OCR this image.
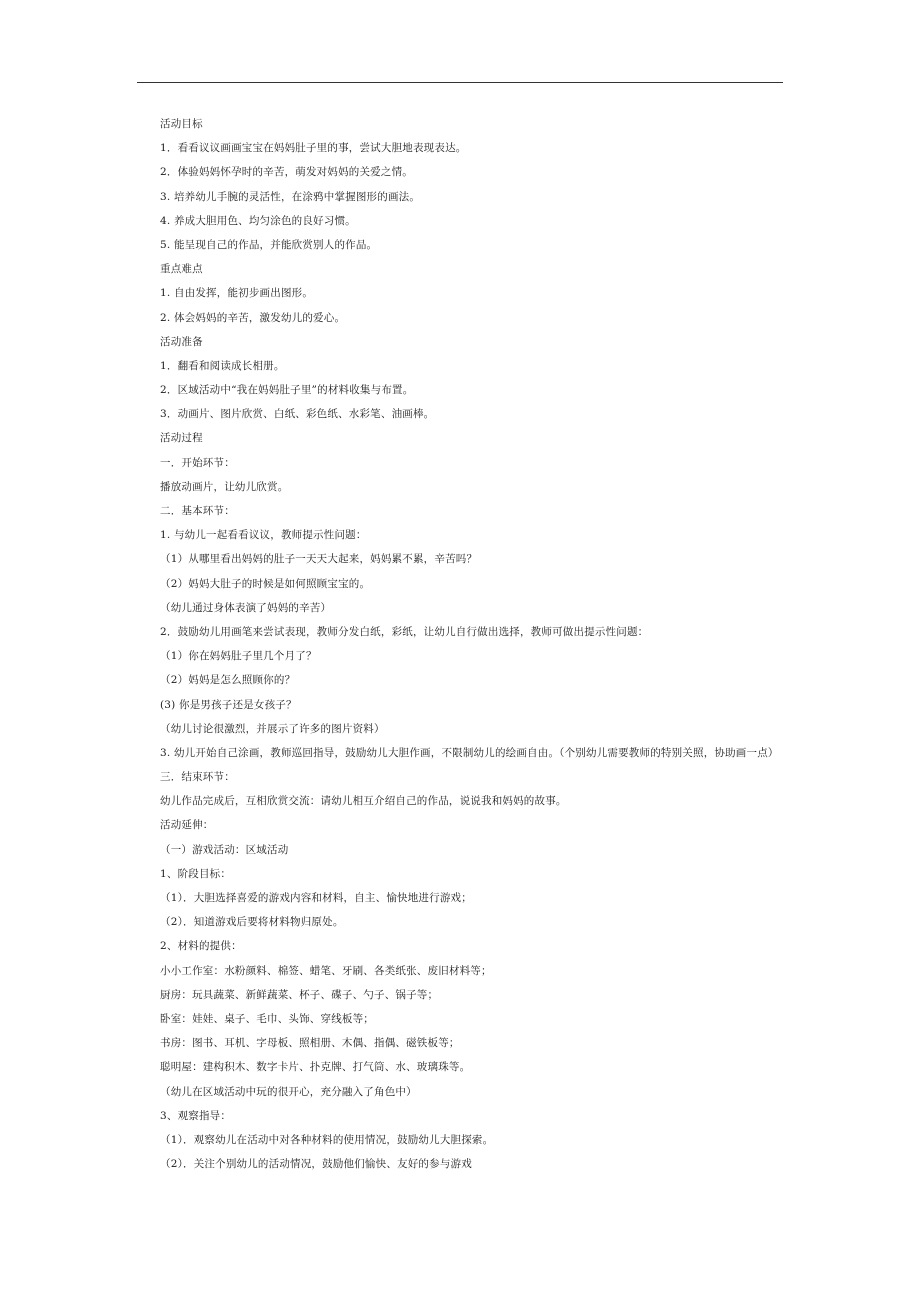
活动目标
1．看看议议画画宝宝在妈妈肚子里的事，尝试大胆地表现表达。
2．体验妈妈怀孕时的辛苦，萌发对妈妈的关爱之情。
3. 培养幼儿手腕的灵活性，在涂鸦中掌握图形的画法。
4. 养成大胆用色、均匀涂色的良好习惯。
5. 能呈现自己的作品，并能欣赏别人的作品。
重点难点
1. 自由发挥，能初步画出图形。
2. 体会妈妈的辛苦，激发幼儿的爱心。
活动准备
1．翻看和阅读成长相册。
2．区域活动中“我在妈妈肚子里”的材料收集与布置。
3．动画片、图片欣赏、白纸、彩色纸、水彩笔、油画棒。
活动过程
一．开始环节：
播放动画片，让幼儿欣赏。
二．基本环节：
1. 与幼儿一起看看议议，教师提示性问题：
（1）从哪里看出妈妈的肚子一天天大起来，妈妈累不累，辛苦吗？
（2）妈妈大肚子的时候是如何照顾宝宝的。
（幼儿通过身体表演了妈妈的辛苦）
2．鼓励幼儿用画笔来尝试表现，教师分发白纸，彩纸，让幼儿自行做出选择，教师可做出提示性问题：
（1）你在妈妈肚子里几个月了？
（2）妈妈是怎么照顾你的？
(3) 你是男孩子还是女孩子？
（幼儿讨论很激烈，并展示了许多的图片资料）
3. 幼儿开始自己涂画，教师巡回指导，鼓励幼儿大胆作画，不限制幼儿的绘画自由。（个别幼儿需要教师的特别关照，协助画一点）
三．结束环节：
幼儿作品完成后，互相欣赏交流：请幼儿相互介绍自己的作品，说说我和妈妈的故事。
活动延伸：
（一）游戏活动：区域活动
1、阶段目标：
（1）．大胆选择喜爱的游戏内容和材料，自主、愉快地进行游戏；
（2）．知道游戏后要将材料物归原处。
2、材料的提供：
小小工作室：水粉颜料、棉签、蜡笔、牙刷、各类纸张、废旧材料等；
厨房：玩具蔬菜、新鲜蔬菜、杯子、碟子、勺子、锅子等；
卧室：娃娃、桌子、毛巾、头饰、穿线板等；
书房：图书、耳机、字母板、照相册、木偶、指偶、磁铁板等；
聪明屋：建构积木、数字卡片、扑克牌、打气筒、水、玻璃珠等。
（幼儿在区域活动中玩的很开心，充分融入了角色中）
3、观察指导：
（1）．观察幼儿在活动中对各种材料的使用情况，鼓励幼儿大胆探索。
（2）．关注个别幼儿的活动情况，鼓励他们愉快、友好的参与游戏
